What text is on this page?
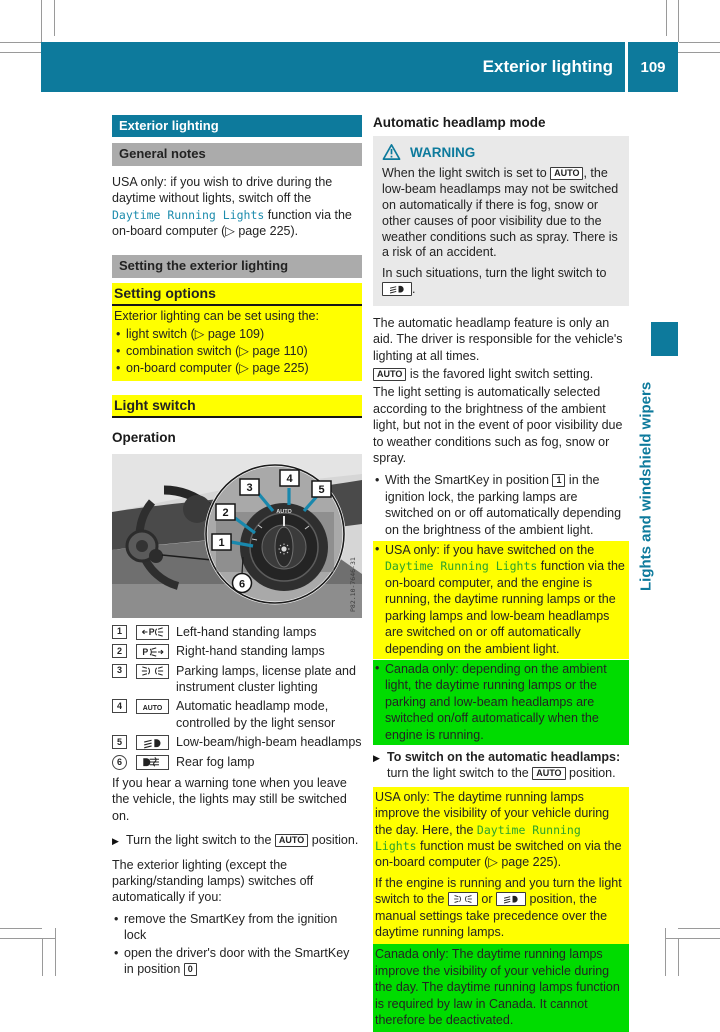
Exterior lighting	109
Lights and windshield wipers
Exterior lighting
General notes

USA only: if you wish to drive during the daytime without lights, switch off the Daytime Running Lights function via the on-board computer (▷ page 225).

Setting the exterior lighting
Setting options

Exterior lighting can be set using the:

• light switch (▷ page 109)
• combination switch (▷ page 110)
• on-board computer (▷ page 225)
Light switch
Operation
AUTO
1
2
3
4
5
6	P82.10-7646-31
1	P Left-hand standing lamps
2	P Right-hand standing lamps
3	Parking lamps, license plate and instrument cluster lighting
4	AUTO Automatic headlamp mode, controlled by the light sensor
5	Low-beam/high-beam headlamps
6	Rear fog lamp

If you hear a warning tone when you leave the vehicle, the lights may still be switched on.

▶ Turn the light switch to the AUTO position.

The exterior lighting (except the parking/standing lamps) switches off automatically if you:

• remove the SmartKey from the ignition lock
• open the driver's door with the SmartKey in position 0
Automatic headlamp mode
WARNING

When the light switch is set to AUTO , the low-beam headlamps may not be switched on automatically if there is fog, snow or other causes of poor visibility due to the weather conditions such as spray. There is a risk of an accident.

In such situations, turn the light switch to .

The automatic headlamp feature is only an aid. The driver is responsible for the vehicle's lighting at all times.

AUTO is the favored light switch setting.

The light setting is automatically selected according to the brightness of the ambient light, but not in the event of poor visibility due to weather conditions such as fog, snow or spray.

• With the SmartKey in position 1 in the ignition lock, the parking lamps are switched on or off automatically depending on the brightness of the ambient light.
• USA only: if you have switched on the Daytime Running Lights function via the on-board computer, and the engine is running, the daytime running lamps or the parking lamps and low-beam headlamps are switched on or off automatically depending on the ambient light.
• Canada only: depending on the ambient light, the daytime running lamps or the parking and low-beam headlamps are switched on/off automatically when the engine is running.
▶ To switch on the automatic headlamps:
turn the light switch to the AUTO position.
USA only: The daytime running lamps improve the visibility of your vehicle during the day. Here, the Daytime Running Lights function must be switched on via the on-board computer (▷ page 225).
If the engine is running and you turn the light switch to the  or  position, the manual settings take precedence over the daytime running lamps.
Canada only: The daytime running lamps improve the visibility of your vehicle during the day. The daytime running lamps function is required by law in Canada. It cannot therefore be deactivated.
